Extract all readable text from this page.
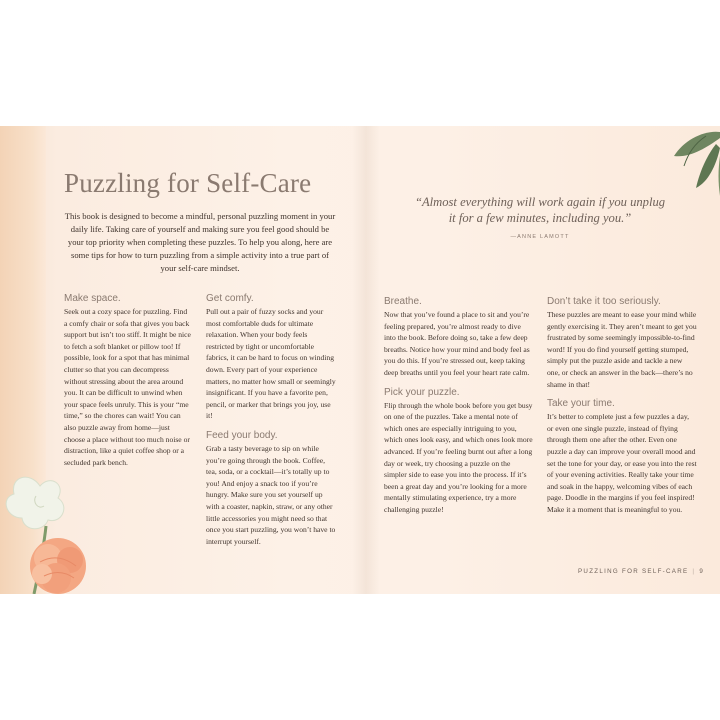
Puzzling for Self-Care
This book is designed to become a mindful, personal puzzling moment in your daily life. Taking care of yourself and making sure you feel good should be your top priority when completing these puzzles. To help you along, here are some tips for how to turn puzzling from a simple activity into a true part of your self-care mindset.
“Almost everything will work again if you unplug it for a few minutes, including you.”
—ANNE LAMOTT
Make space.

Seek out a cozy space for puzzling. Find a comfy chair or sofa that gives you back support but isn’t too stiff. It might be nice to fetch a soft blanket or pillow too! If possible, look for a spot that has minimal clutter so that you can decompress without stressing about the area around you. It can be difficult to unwind when your space feels unruly. This is your “me time,” so the chores can wait! You can also puzzle away from home—just choose a place without too much noise or distraction, like a quiet coffee shop or a secluded park bench.

Get comfy.

Pull out a pair of fuzzy socks and your most comfortable duds for ultimate relaxation. When your body feels restricted by tight or uncomfortable fabrics, it can be hard to focus on winding down. Every part of your experience matters, no matter how small or seemingly insignificant. If you have a favorite pen, pencil, or marker that brings you joy, use it!

Feed your body.

Grab a tasty beverage to sip on while you’re going through the book. Coffee, tea, soda, or a cocktail—it’s totally up to you! And enjoy a snack too if you’re hungry. Make sure you set yourself up with a coaster, napkin, straw, or any other little accessories you might need so that once you start puzzling, you won’t have to interrupt yourself.

Breathe.

Now that you’ve found a place to sit and you’re feeling prepared, you’re almost ready to dive into the book. Before doing so, take a few deep breaths. Notice how your mind and body feel as you do this. If you’re stressed out, keep taking deep breaths until you feel your heart rate calm.

Pick your puzzle.

Flip through the whole book before you get busy on one of the puzzles. Take a mental note of which ones are especially intriguing to you, which ones look easy, and which ones look more advanced. If you’re feeling burnt out after a long day or week, try choosing a puzzle on the simpler side to ease you into the process. If it’s been a great day and you’re looking for a more mentally stimulating experience, try a more challenging puzzle!

Don’t take it too seriously.

These puzzles are meant to ease your mind while gently exercising it. They aren’t meant to get you frustrated by some seemingly impossible-to-find word! If you do find yourself getting stumped, simply put the puzzle aside and tackle a new one, or check an answer in the back—there’s no shame in that!

Take your time.

It’s better to complete just a few puzzles a day, or even one single puzzle, instead of flying through them one after the other. Even one puzzle a day can improve your overall mood and set the tone for your day, or ease you into the rest of your evening activities. Really take your time and soak in the happy, welcoming vibes of each page. Doodle in the margins if you feel inspired! Make it a moment that is meaningful to you.

PUZZLING FOR SELF-CARE | 9
